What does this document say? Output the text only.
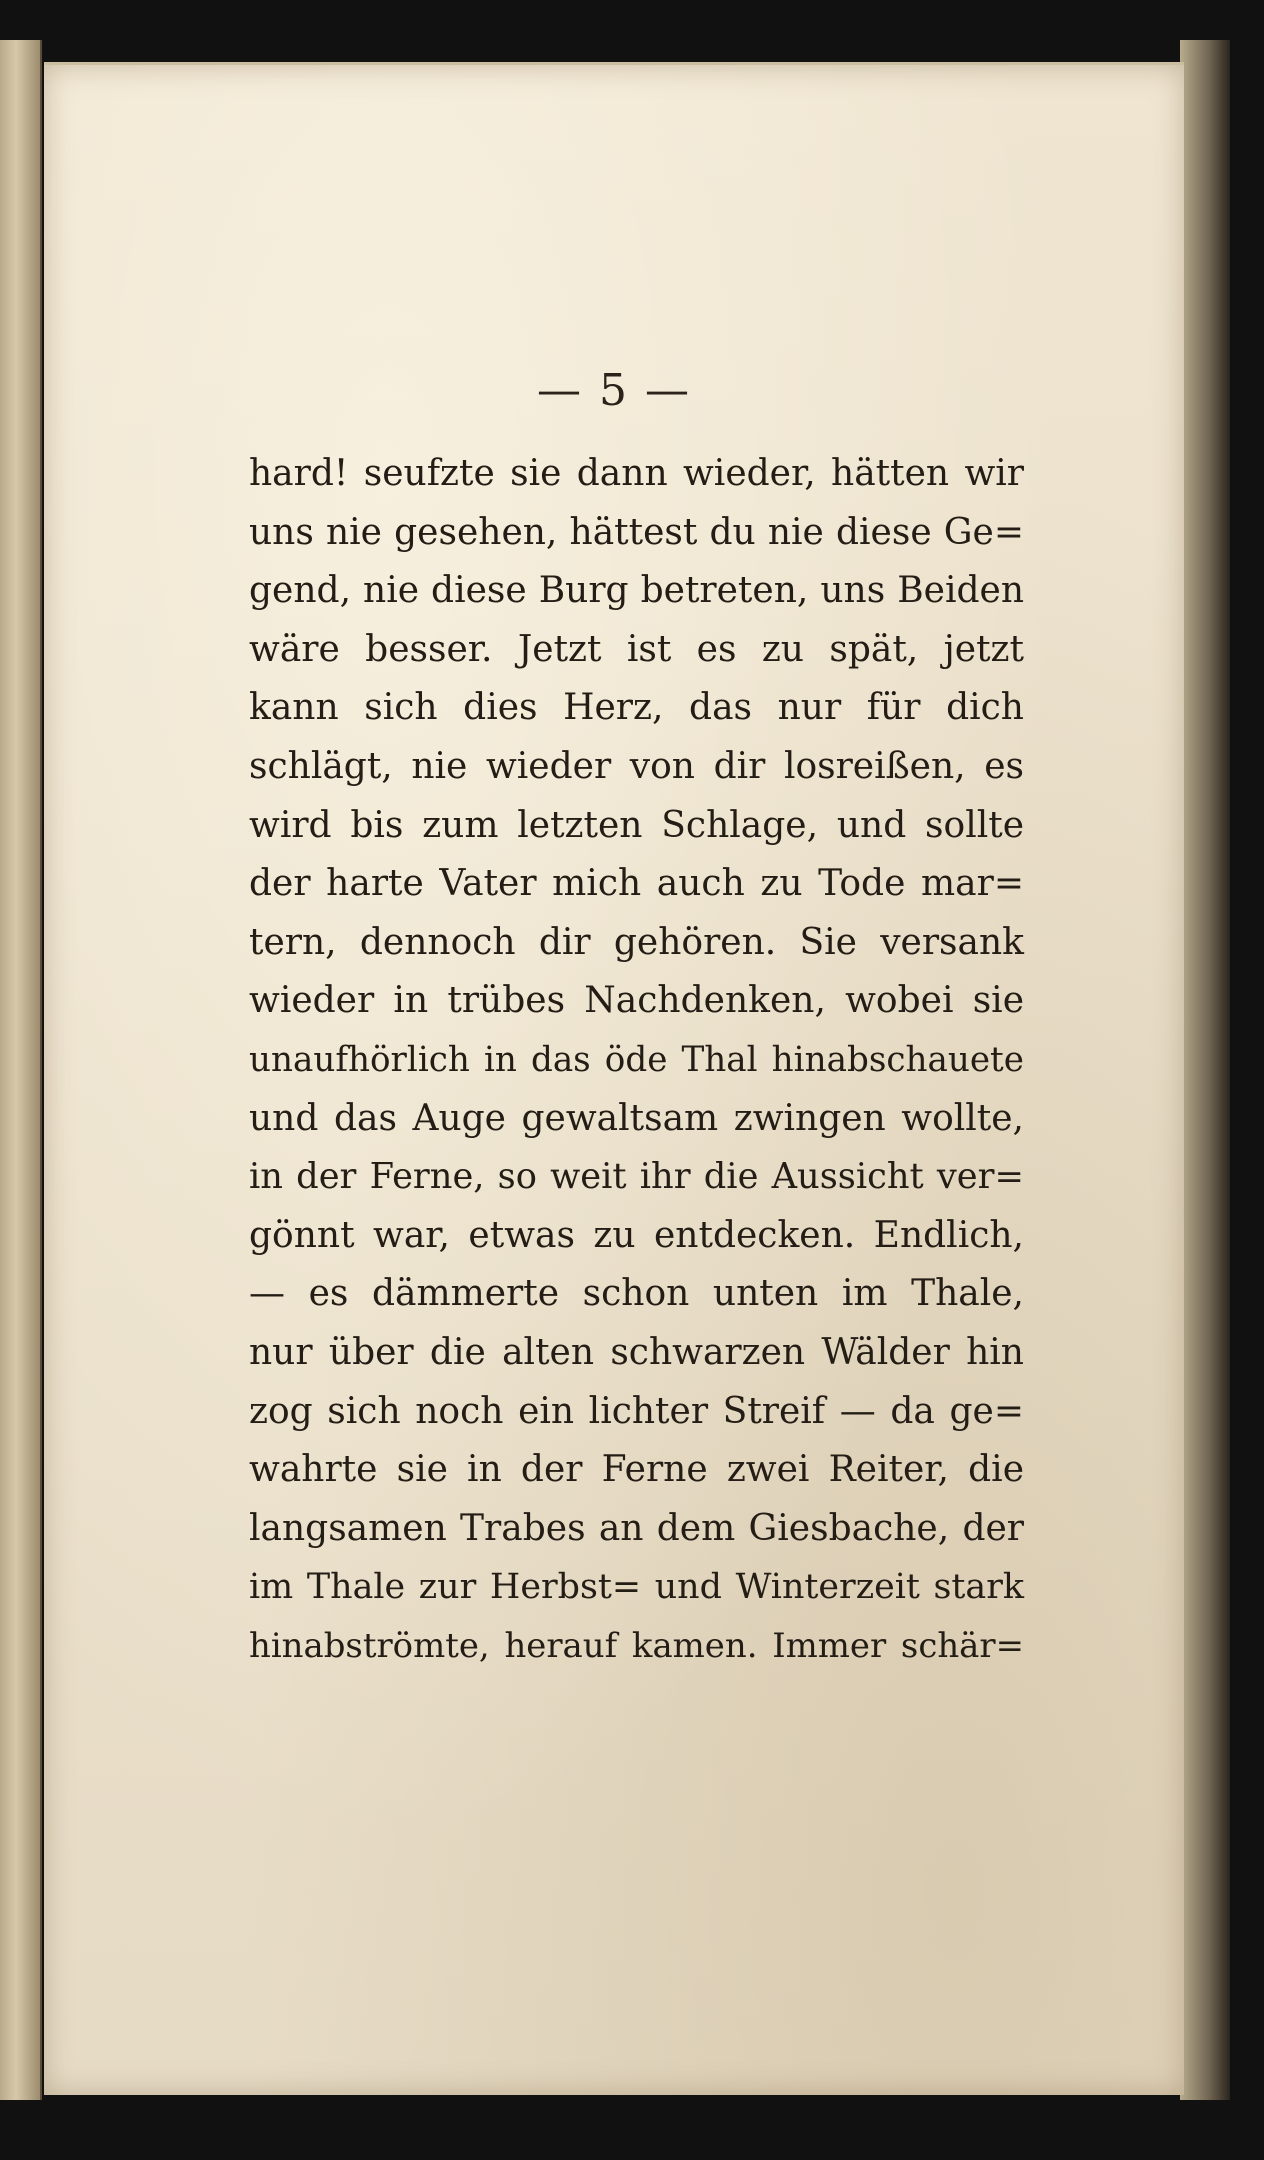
— 5 —
hard! seufzte sie dann wieder, hätten wir
uns nie gesehen, hättest du nie diese Ge=
gend, nie diese Burg betreten, uns Beiden
wäre besser. Jetzt ist es zu spät, jetzt
kann sich dies Herz, das nur für dich
schlägt, nie wieder von dir losreißen, es
wird bis zum letzten Schlage, und sollte
der harte Vater mich auch zu Tode mar=
tern, dennoch dir gehören. Sie versank
wieder in trübes Nachdenken, wobei sie
unaufhörlich in das öde Thal hinabschauete
und das Auge gewaltsam zwingen wollte,
in der Ferne, so weit ihr die Aussicht ver=
gönnt war, etwas zu entdecken. Endlich,
— es dämmerte schon unten im Thale,
nur über die alten schwarzen Wälder hin
zog sich noch ein lichter Streif — da ge=
wahrte sie in der Ferne zwei Reiter, die
langsamen Trabes an dem Giesbache, der
im Thale zur Herbst= und Winterzeit stark
hinabströmte, herauf kamen. Immer schär=
